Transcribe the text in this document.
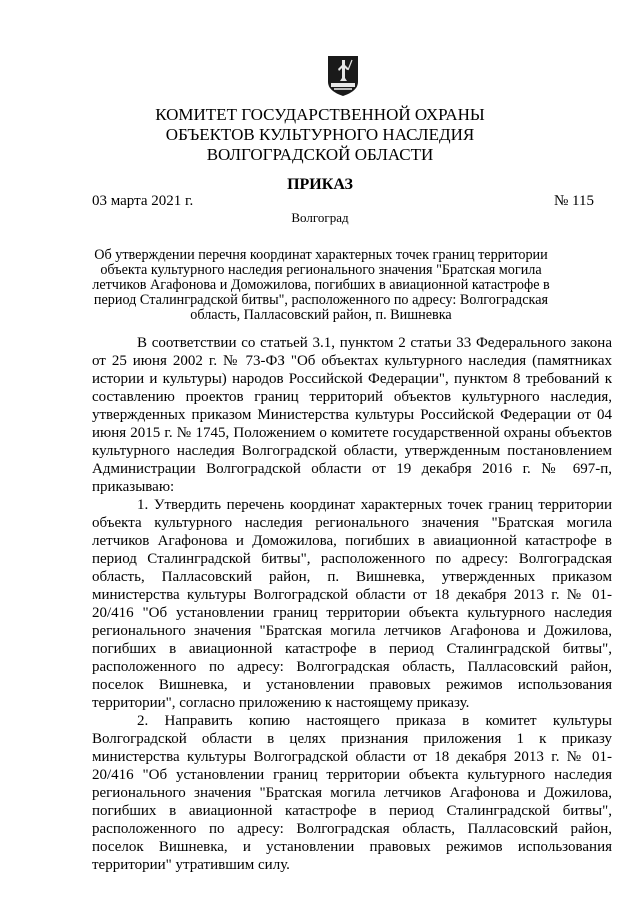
КОМИТЕТ ГОСУДАРСТВЕННОЙ ОХРАНЫ
ОБЪЕКТОВ КУЛЬТУРНОГО НАСЛЕДИЯ
ВОЛГОГРАДСКОЙ ОБЛАСТИ
ПРИКАЗ
03 марта 2021 г.	№ 115
Волгоград
Об утверждении перечня координат характерных точек границ территории объекта культурного наследия регионального значения "Братская могила летчиков Агафонова и Доможилова, погибших в авиационной катастрофе в период Сталинградской битвы", расположенного по адресу: Волгоградская область, Палласовский район, п. Вишневка

В соответствии со статьей 3.1, пунктом 2 статьи 33 Федерального закона от 25 июня 2002 г. № 73-ФЗ "Об объектах культурного наследия (памятниках истории и культуры) народов Российской Федерации", пунктом 8 требований к составлению проектов границ территорий объектов культурного наследия, утвержденных приказом Министерства культуры Российской Федерации от 04 июня 2015 г. № 1745, Положением о комитете государственной охраны объектов культурного наследия Волгоградской области, утвержденным постановлением Администрации Волгоградской области от 19 декабря 2016 г. № 697-п, приказываю:

1. Утвердить перечень координат характерных точек границ территории объекта культурного наследия регионального значения "Братская могила летчиков Агафонова и Доможилова, погибших в авиационной катастрофе в период Сталинградской битвы", расположенного по адресу: Волгоградская область, Палласовский район, п. Вишневка, утвержденных приказом министерства культуры Волгоградской области от 18 декабря 2013 г. № 01-20/416 "Об установлении границ территории объекта культурного наследия регионального значения "Братская могила летчиков Агафонова и Дожилова, погибших в авиационной катастрофе в период Сталинградской битвы", расположенного по адресу: Волгоградская область, Палласовский район, поселок Вишневка, и установлении правовых режимов использования территории", согласно приложению к настоящему приказу.

2. Направить копию настоящего приказа в комитет культуры Волгоградской области в целях признания приложения 1 к приказу министерства культуры Волгоградской области от 18 декабря 2013 г. № 01-20/416 "Об установлении границ территории объекта культурного наследия регионального значения "Братская могила летчиков Агафонова и Дожилова, погибших в авиационной катастрофе в период Сталинградской битвы", расположенного по адресу: Волгоградская область, Палласовский район, поселок Вишневка, и установлении правовых режимов использования территории" утратившим силу.
